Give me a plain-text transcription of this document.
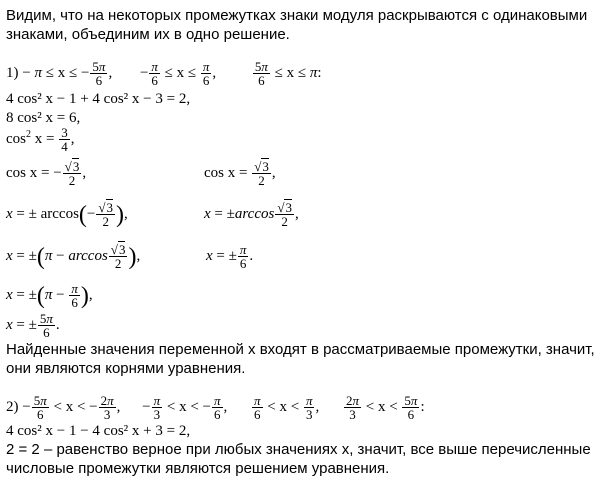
Видим, что на некоторых промежутках знаки модуля раскрываются с одинаковыми
знаками, объединим их в одно решение.
1) − π ≤ x ≤ − $\frac{5\pi}{6}$ , − $\frac{\pi}{6} \le x \le \frac{\pi}{6}$ ,	$\frac{5\pi}{6} \le x \le \pi$:
4 cos² x − 1 + 4 cos² x − 3 = 2,
8 cos² x = 6,
$\cos^2 x = \frac{3}{4}$ ,
cos x = − $\frac{√3}{2}$ ,	$\cos x = \frac{√3}{2}$ ,
x = ± $\arccos(- \frac{√3}{2}$ ),	$x = \pm\arccos \frac{√3}{2}$ ,
$x = \pm(\pi - \arccos \frac{√3}{2}$ ),	x = ± $\frac{\pi}{6}$ .
$x = \pm(\pi - \frac{\pi}{6}$ ),
x = ± $\frac{5\pi}{6}$ .
Найденные значения переменной x входят в рассматриваемые промежутки, значит,
они являются корнями уравнения.
$2) - \frac{5\pi}{6} < x$ < − $\frac{2\pi}{3}$ , − $\frac{\pi}{3} < x$ < − $\frac{\pi}{6}$ , $\frac{\pi}{6} < x < \frac{\pi}{3}$ , $\frac{2\pi}{3} < x < \frac{5\pi}{6}$ :
4 cos² x − 1 − 4 cos² x + 3 = 2,
2 = 2 – равенство верное при любых значениях x, значит, все выше перечисленные
числовые промежутки являются решением уравнения.
